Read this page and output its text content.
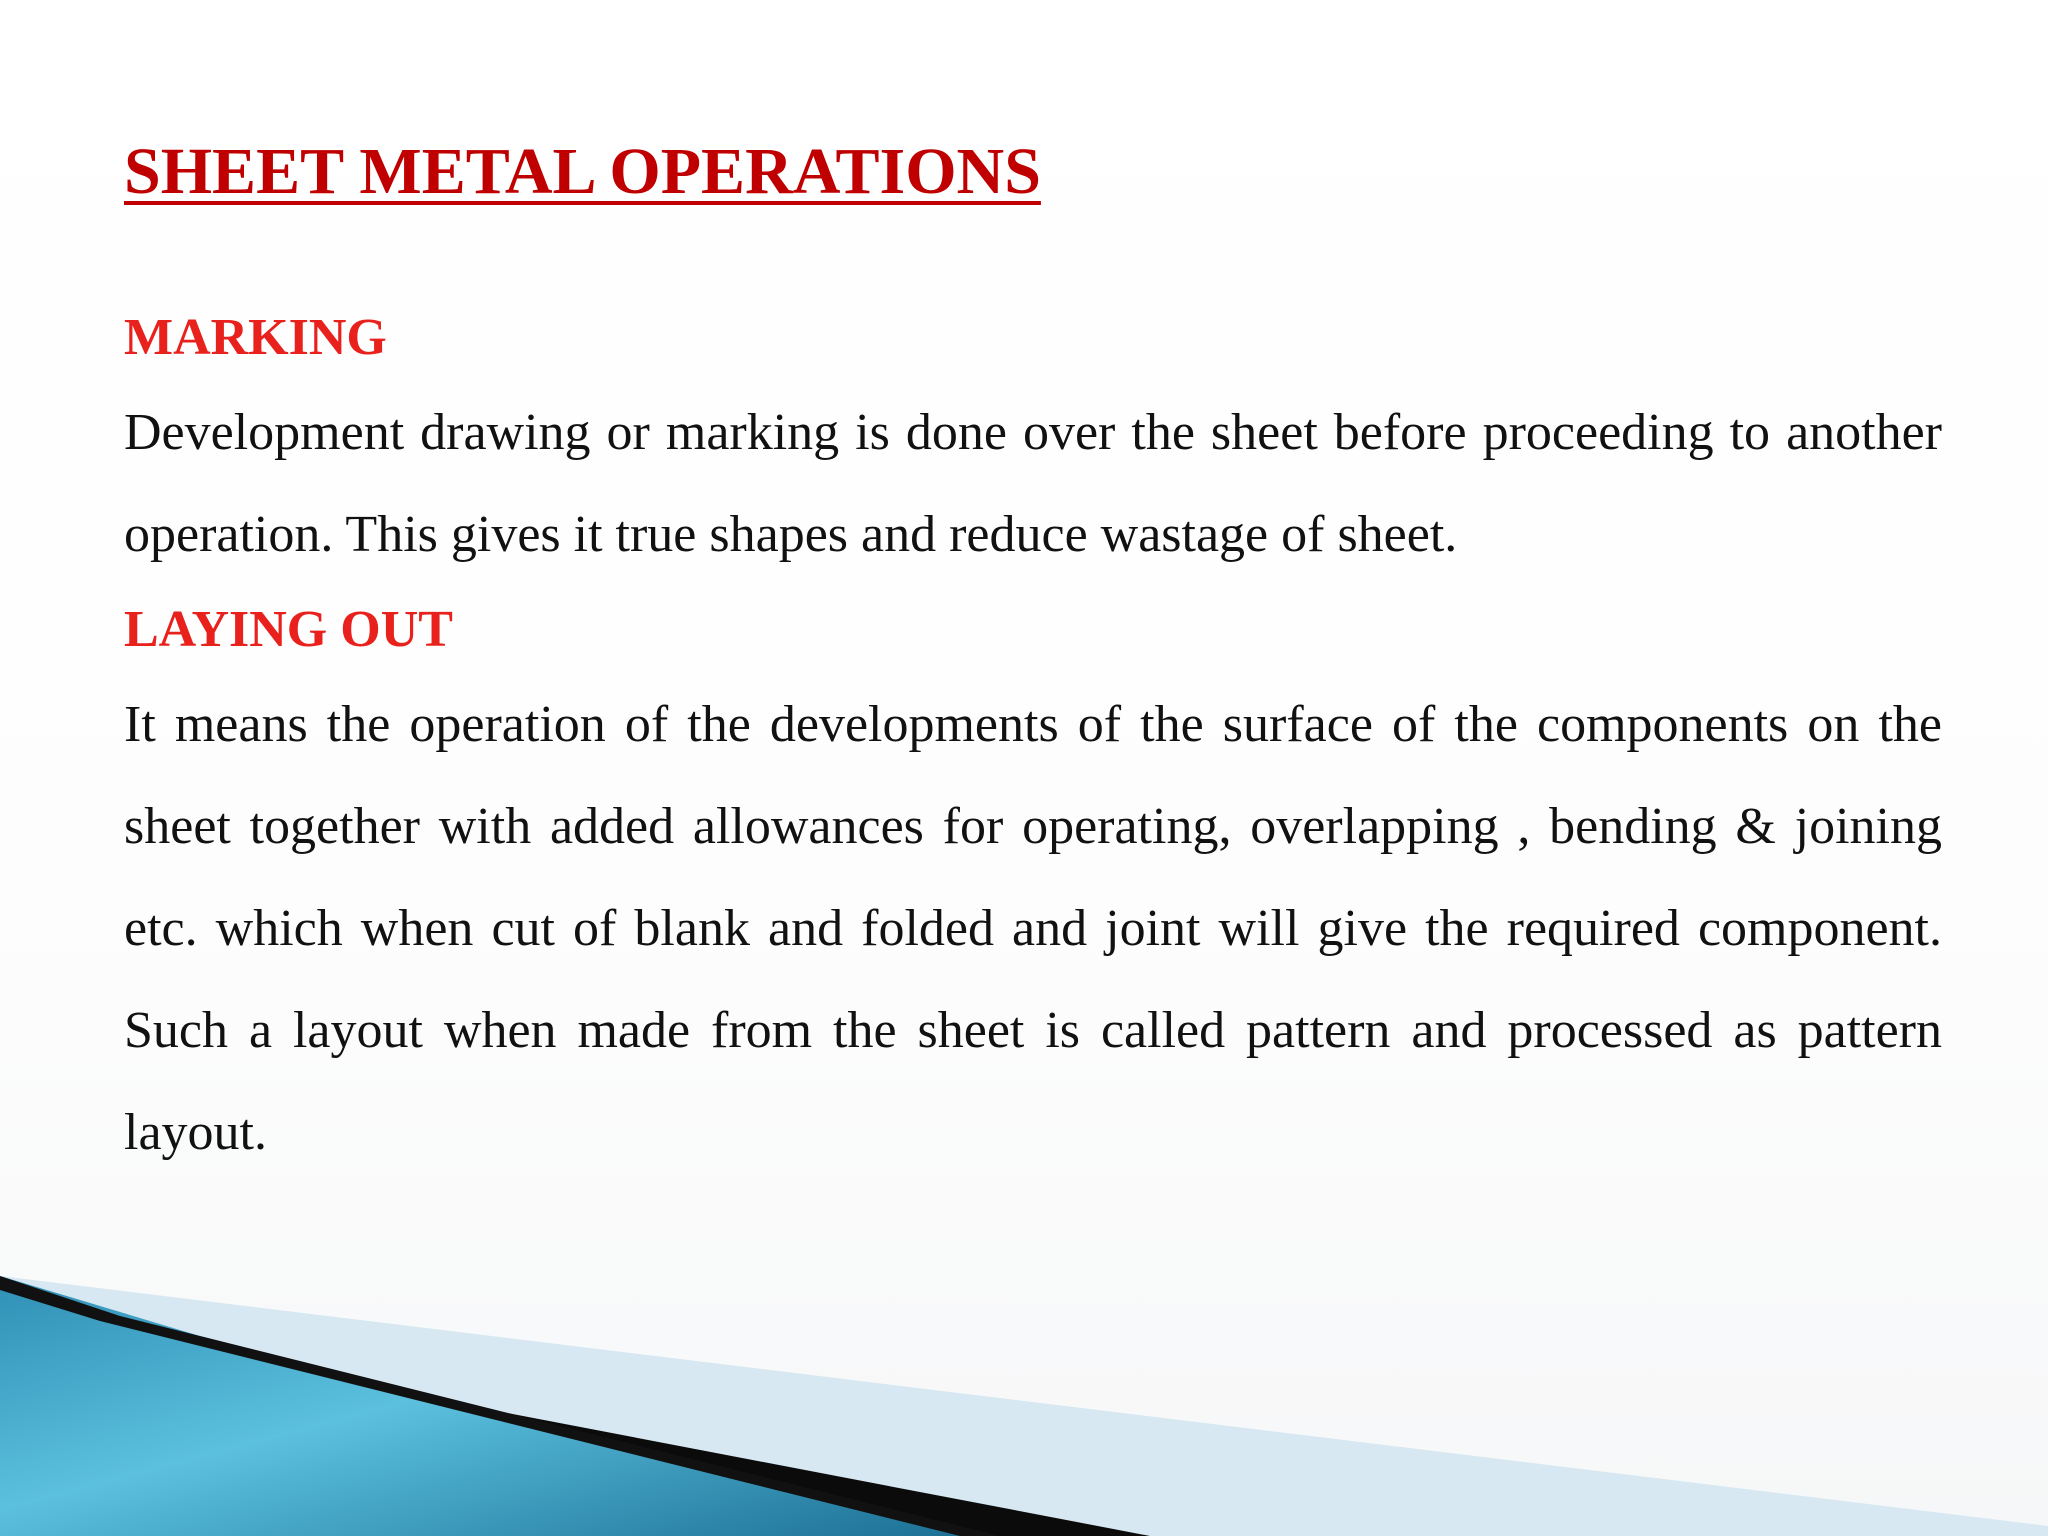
SHEET METAL OPERATIONS
MARKING

Development drawing or marking is done over the sheet before proceeding to another operation. This gives it true shapes and reduce wastage of sheet.

LAYING OUT

It means the operation of the developments of the surface of the components on the sheet together with added allowances for operating, overlapping , bending & joining etc. which when cut of blank and folded and joint will give the required component. Such a layout when made from the sheet is called pattern and processed as pattern layout.
